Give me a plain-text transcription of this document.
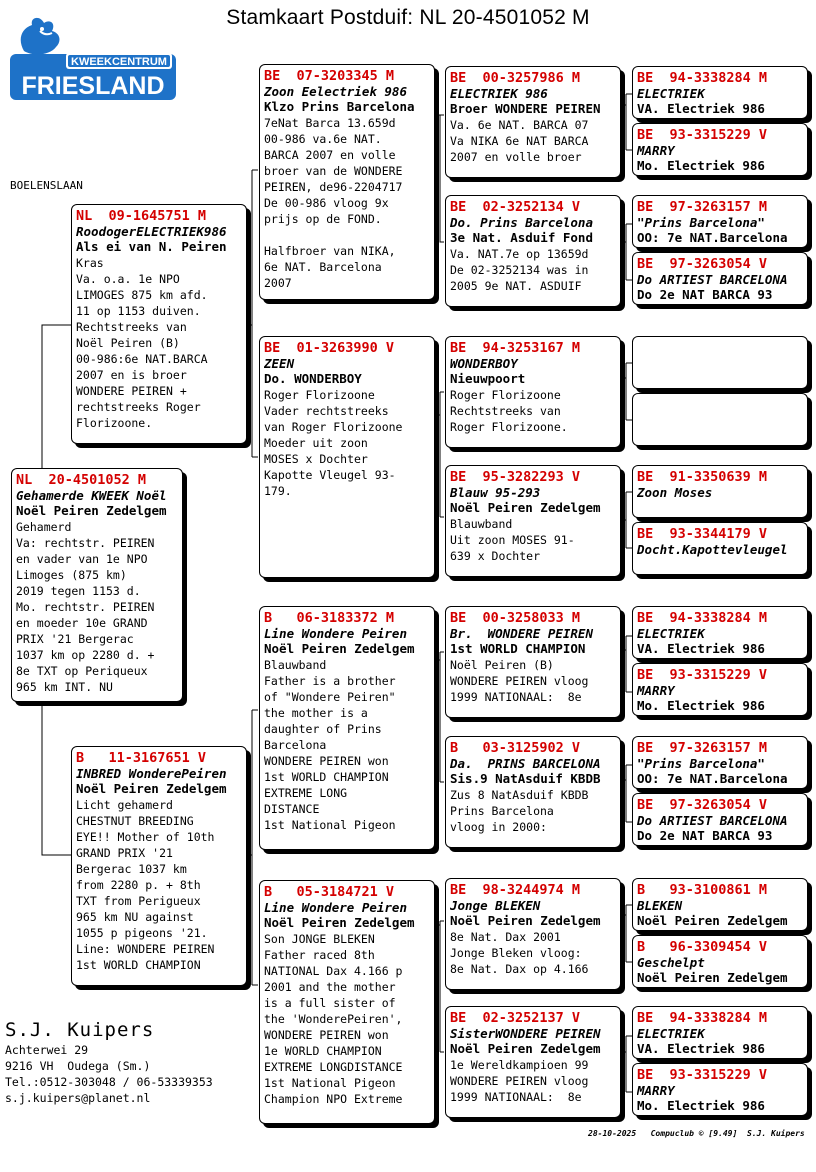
Stamkaart Postduif: NL 20-4501052 M
KWEEKCENTRUM
FRIESLAND
BOELENSLAAN
NL  20-4501052 M
Gehamerde KWEEK Noël
Noël Peiren Zedelgem
Gehamerd
Va: rechtstr. PEIREN
en vader van 1e NPO
Limoges (875 km)
2019 tegen 1153 d.
Mo. rechtstr. PEIREN
en moeder 10e GRAND
PRIX '21 Bergerac
1037 km op 2280 d. +
8e TXT op Periqueux
965 km INT. NU
NL  09-1645751 M
RoodogerELECTRIEK986
Als ei van N. Peiren
Kras
Va. o.a. 1e NPO
LIMOGES 875 km afd.
11 op 1153 duiven.
Rechtstreeks van
Noël Peiren (B)
00-986:6e NAT.BARCA
2007 en is broer
WONDERE PEIREN +
rechtstreeks Roger
Florizoone.
B   11-3167651 V
INBRED WonderePeiren
Noël Peiren Zedelgem
Licht gehamerd
CHESTNUT BREEDING
EYE!! Mother of 10th
GRAND PRIX '21
Bergerac 1037 km
from 2280 p. + 8th
TXT from Perigueux
965 km NU against
1055 p pigeons '21.
Line: WONDERE PEIREN
1st WORLD CHAMPION
BE  07-3203345 M
Zoon Eelectriek 986
Klzo Prins Barcelona
7eNat Barca 13.659d
00-986 va.6e NAT.
BARCA 2007 en volle
broer van de WONDERE
PEIREN, de96-2204717
De 00-986 vloog 9x
prijs op de FOND.

Halfbroer van NIKA,
6e NAT. Barcelona
2007
BE  01-3263990 V
ZEEN
Do. WONDERBOY
Roger Florizoone
Vader rechtstreeks
van Roger Florizoone
Moeder uit zoon
MOSES x Dochter
Kapotte Vleugel 93-
179.
B   06-3183372 M
Line Wondere Peiren
Noël Peiren Zedelgem
Blauwband
Father is a brother
of "Wondere Peiren"
the mother is a
daughter of Prins
Barcelona
WONDERE PEIREN won
1st WORLD CHAMPION
EXTREME LONG
DISTANCE
1st National Pigeon
B   05-3184721 V
Line Wondere Peiren
Noël Peiren Zedelgem
Son JONGE BLEKEN
Father raced 8th
NATIONAL Dax 4.166 p
2001 and the mother
is a full sister of
the 'WonderePeiren',
WONDERE PEIREN won
1e WORLD CHAMPION
EXTREME LONGDISTANCE
1st National Pigeon
Champion NPO Extreme
BE  00-3257986 M
ELECTRIEK 986
Broer WONDERE PEIREN
Va. 6e NAT. BARCA 07
Va NIKA 6e NAT BARCA
2007 en volle broer
BE  02-3252134 V
Do. Prins Barcelona
3e Nat. Asduif Fond
Va. NAT.7e op 13659d
De 02-3252134 was in
2005 9e NAT. ASDUIF
BE  94-3253167 M
WONDERBOY
Nieuwpoort
Roger Florizoone
Rechtstreeks van
Roger Florizoone.
BE  95-3282293 V
Blauw 95-293
Noël Peiren Zedelgem
Blauwband
Uit zoon MOSES 91-
639 x Dochter
BE  00-3258033 M
Br.  WONDERE PEIREN
1st WORLD CHAMPION
Noël Peiren (B)
WONDERE PEIREN vloog
1999 NATIONAAL:  8e
B   03-3125902 V
Da.  PRINS BARCELONA
Sis.9 NatAsduif KBDB
Zus 8 NatAsduif KBDB
Prins Barcelona
vloog in 2000:
BE  98-3244974 M
Jonge BLEKEN
Noël Peiren Zedelgem
8e Nat. Dax 2001
Jonge Bleken vloog:
8e Nat. Dax op 4.166
BE  02-3252137 V
SisterWONDERE PEIREN
Noël Peiren Zedelgem
1e Wereldkampioen 99
WONDERE PEIREN vloog
1999 NATIONAAL:  8e
BE  94-3338284 M
ELECTRIEK
VA. Electriek 986
BE  93-3315229 V
MARRY
Mo. Electriek 986
BE  97-3263157 M
"Prins Barcelona"
OO: 7e NAT.Barcelona
BE  97-3263054 V
Do ARTIEST BARCELONA
Do 2e NAT BARCA 93
BE  91-3350639 M
Zoon Moses
BE  93-3344179 V
Docht.Kapottevleugel
BE  94-3338284 M
ELECTRIEK
VA. Electriek 986
BE  93-3315229 V
MARRY
Mo. Electriek 986
BE  97-3263157 M
"Prins Barcelona"
OO: 7e NAT.Barcelona
BE  97-3263054 V
Do ARTIEST BARCELONA
Do 2e NAT BARCA 93
B   93-3100861 M
BLEKEN
Noël Peiren Zedelgem
B   96-3309454 V
Geschelpt
Noël Peiren Zedelgem
BE  94-3338284 M
ELECTRIEK
VA. Electriek 986
BE  93-3315229 V
MARRY
Mo. Electriek 986
S.J. Kuipers
Achterwei 29
9216 VH  Oudega (Sm.)
Tel.:0512-303048 / 06-53339353
s.j.kuipers@planet.nl
28-10-2025   Compuclub © [9.49]  S.J. Kuipers
